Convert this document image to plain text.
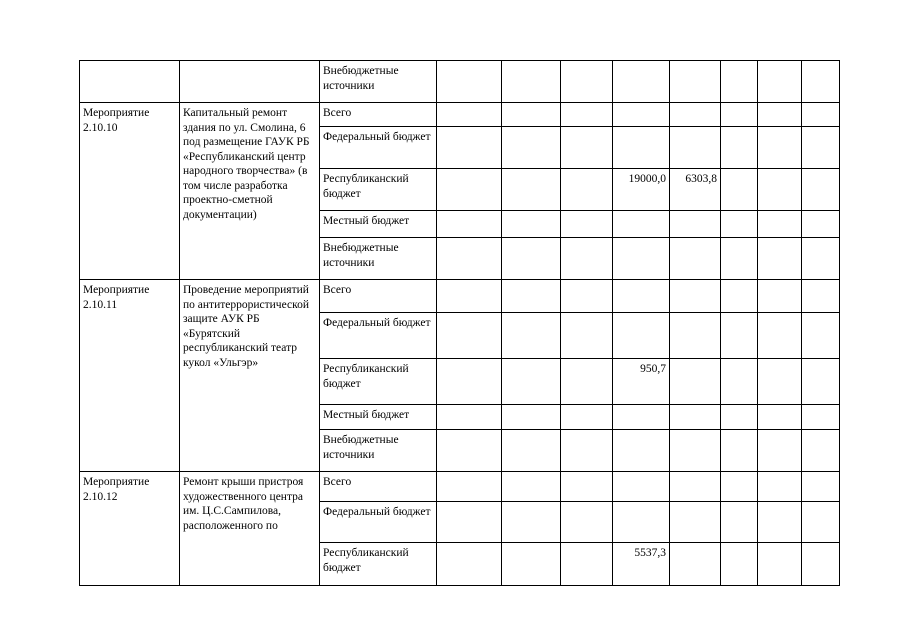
		Внебюджетные источники								
Мероприятие 2.10.10	Капитальный ремонт здания по ул. Смолина, 6 под размещение ГАУК РБ «Республиканский центр народного творчества» (в том числе разработка проектно-сметной документации)	Всего								
		Федеральный бюджет								
		Республиканский бюджет				19000,0	6303,8			
		Местный бюджет								
		Внебюджетные источники								
Мероприятие 2.10.11	Проведение мероприятий по антитеррористической защите АУК РБ «Бурятский республиканский театр кукол «Ульгэр»	Всего								
		Федеральный бюджет								
		Республиканский бюджет				950,7				
		Местный бюджет								
		Внебюджетные источники								
Мероприятие 2.10.12	Ремонт крыши пристроя художественного центра им. Ц.С.Сампилова, расположенного по	Всего								
		Федеральный бюджет								
		Республиканский бюджет				5537,3				
